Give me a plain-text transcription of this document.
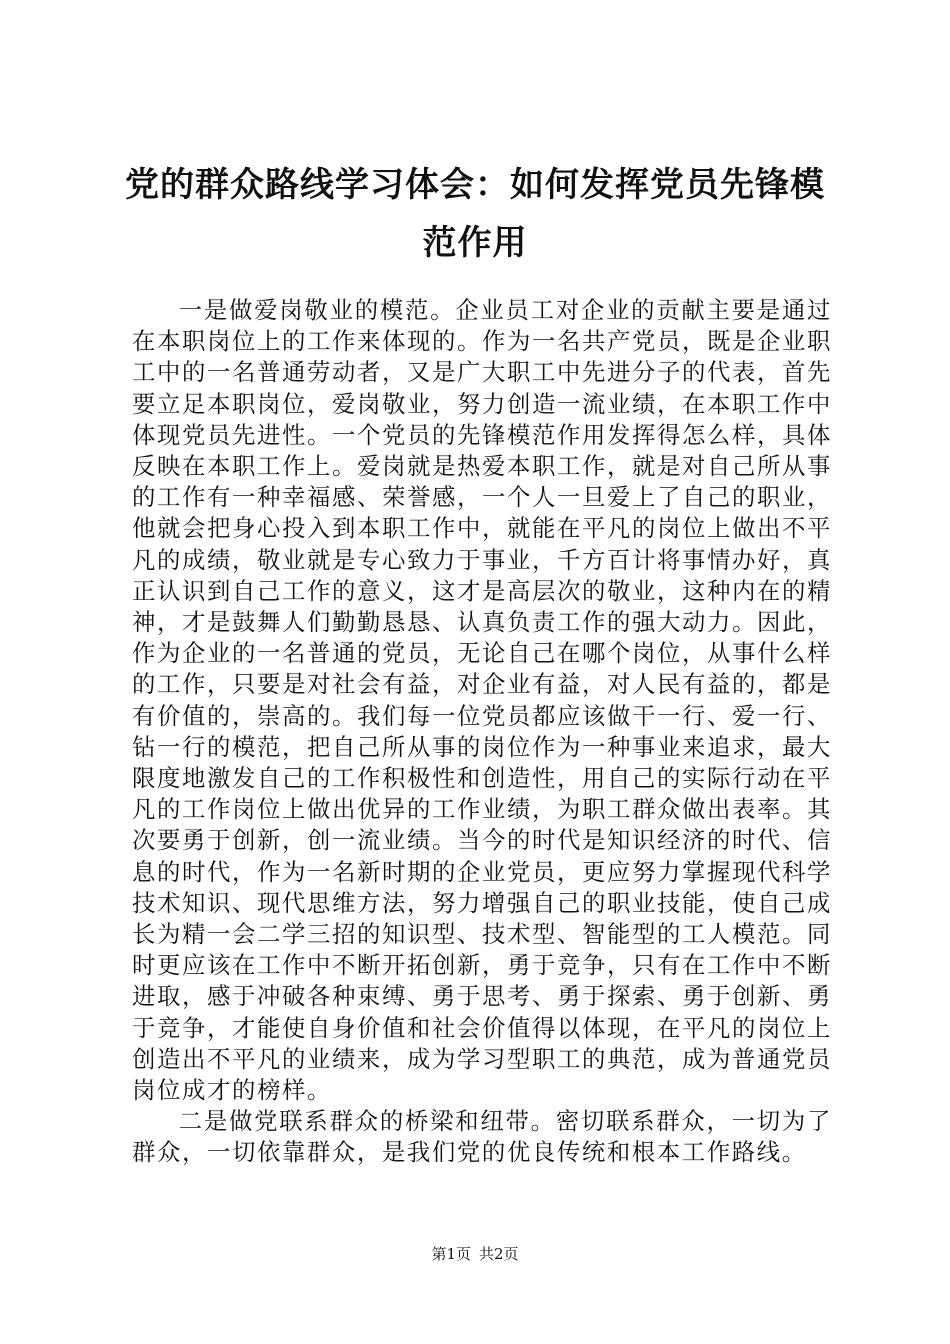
党的群众路线学习体会：如何发挥党员先锋模范作用

一是做爱岗敬业的模范。企业员工对企业的贡献主要是通过在本职岗位上的工作来体现的。作为一名共产党员，既是企业职工中的一名普通劳动者，又是广大职工中先进分子的代表，首先要立足本职岗位，爱岗敬业，努力创造一流业绩，在本职工作中体现党员先进性。一个党员的先锋模范作用发挥得怎么样，具体反映在本职工作上。爱岗就是热爱本职工作，就是对自己所从事的工作有一种幸福感、荣誉感，一个人一旦爱上了自己的职业，他就会把身心投入到本职工作中，就能在平凡的岗位上做出不平凡的成绩，敬业就是专心致力于事业，千方百计将事情办好，真正认识到自己工作的意义，这才是高层次的敬业，这种内在的精神，才是鼓舞人们勤勤恳恳、认真负责工作的强大动力。因此，作为企业的一名普通的党员，无论自己在哪个岗位，从事什么样的工作，只要是对社会有益，对企业有益，对人民有益的，都是有价值的，崇高的。我们每一位党员都应该做干一行、爱一行、钻一行的模范，把自己所从事的岗位作为一种事业来追求，最大限度地激发自己的工作积极性和创造性，用自己的实际行动在平凡的工作岗位上做出优异的工作业绩，为职工群众做出表率。其次要勇于创新，创一流业绩。当今的时代是知识经济的时代、信息的时代，作为一名新时期的企业党员，更应努力掌握现代科学技术知识、现代思维方法，努力增强自己的职业技能，使自己成长为精一会二学三招的知识型、技术型、智能型的工人模范。同时更应该在工作中不断开拓创新，勇于竞争，只有在工作中不断进取，感于冲破各种束缚、勇于思考、勇于探索、勇于创新、勇于竞争，才能使自身价值和社会价值得以体现，在平凡的岗位上创造出不平凡的业绩来，成为学习型职工的典范，成为普通党员岗位成才的榜样。

二是做党联系群众的桥梁和纽带。密切联系群众，一切为了群众，一切依靠群众，是我们党的优良传统和根本工作路线。

第1页 共2页
